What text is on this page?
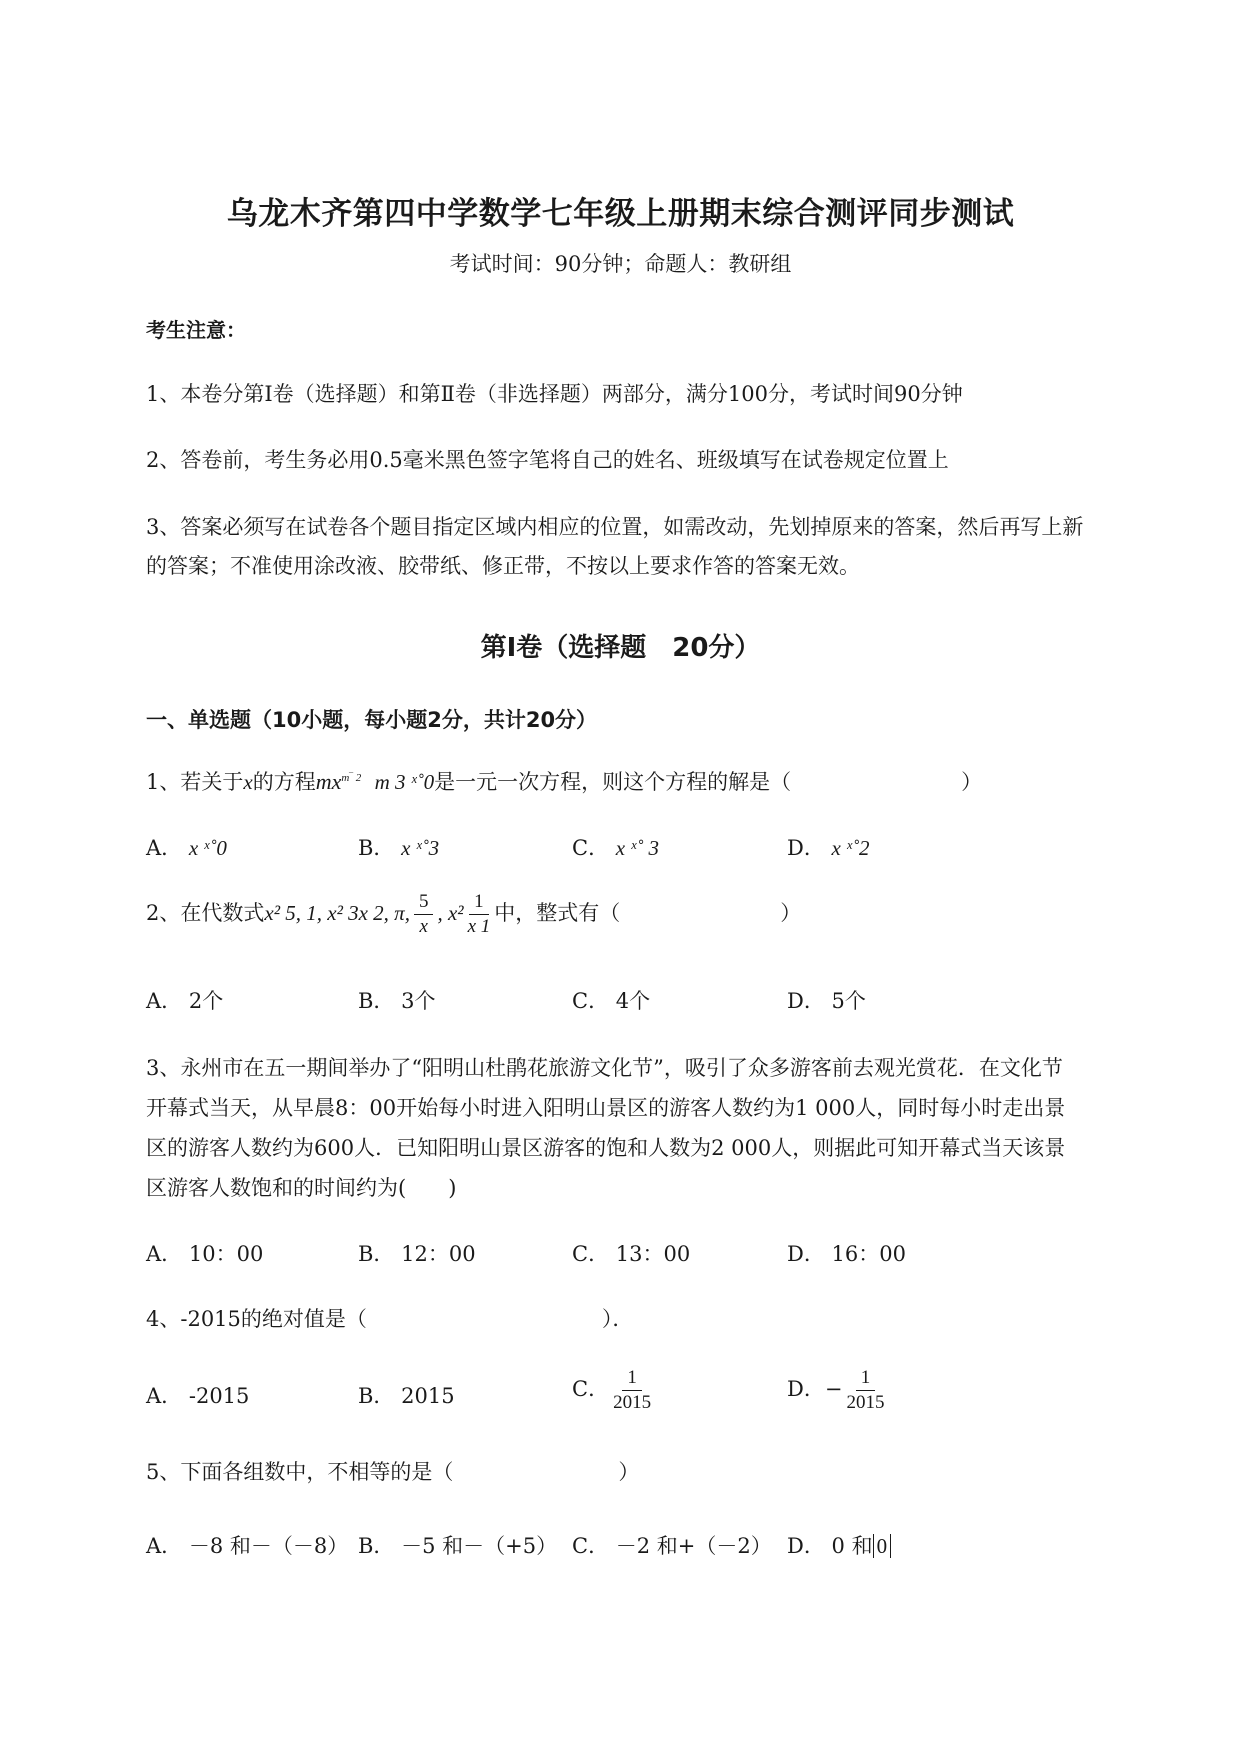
乌龙木齐第四中学数学七年级上册期末综合测评同步测试
考试时间：90分钟；命题人：教研组
考生注意：
1、本卷分第I卷（选择题）和第Ⅱ卷（非选择题）两部分，满分100分，考试时间90分钟
2、答卷前，考生务必用0.5毫米黑色签字笔将自己的姓名、班级填写在试卷规定位置上
3、答案必须写在试卷各个题目指定区域内相应的位置，如需改动，先划掉原来的答案，然后再写上新
的答案；不准使用涂改液、胶带纸、修正带，不按以上要求作答的答案无效。
第I卷（选择题　20分）
一、单选题（10小题，每小题2分，共计20分）
1、若关于x的方程$mx^{m‾ 2}$ m 3 ˣ˚0是一元一次方程，则这个方程的解是（	）
A． x ˣ˚0	B． x ˣ˚3	C． x ˣ˚ 3	D． x ˣ˚2
2、在代数式x² 5, 1, x² 3x 2, π, $\frac{5}{x}$ , $x^2 \frac{1}{x 1}$ 中，整式有（	）
A． 2个	B． 3个	C． 4个	D． 5个
3、永州市在五一期间举办了“阳明山杜鹃花旅游文化节”，吸引了众多游客前去观光赏花．在文化节
开幕式当天，从早晨8：00开始每小时进入阳明山景区的游客人数约为1 000人，同时每小时走出景
区的游客人数约为600人．已知阳明山景区游客的饱和人数为2 000人，则据此可知开幕式当天该景
区游客人数饱和的时间约为(　　)
A． 10：00	B． 12：00	C． 13：00	D． 16：00
4、-2015的绝对值是（	）．
A． -2015	B． 2015	C． $\frac{1}{2015}$	D．− $\frac{1}{2015}$
5、下面各组数中，不相等的是（	）
A． －8 和－（－8） B． －5 和－（+5） C． －2 和+（－2） D． 0 和 0
